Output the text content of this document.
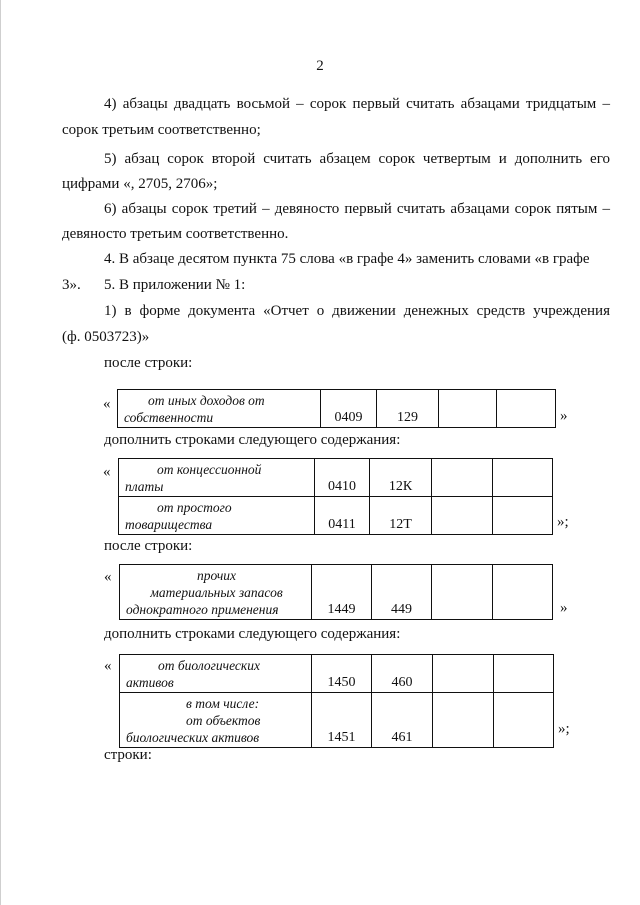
2

4) абзацы двадцать восьмой – сорок первый считать абзацами тридцатым –

сорок третьим соответственно;

5) абзац сорок второй считать абзацем сорок четвертым и дополнить его

цифрами «, 2705, 2706»;

6) абзацы сорок третий – девяносто первый считать абзацами сорок пятым –

девяносто третьим соответственно.

4. В абзаце десятом пункта 75 слова «в графе 4» заменить словами «в графе 3».	5. В приложении № 1:

1) в форме документа «Отчет о движении денежных средств учреждения

(ф. 0503723)»

после строки:
«	от иных доходов от
собственности	0409	129			»
дополнить строками следующего содержания:
«	от концессионной
платы	0410	12К		

от простого
товарищества	0411	12Т			»;
после строки:
«	прочих
материальных запасов
однократного применения	1449	449			»
дополнить строками следующего содержания:
«	от биологических
активов	1450	460		

в том числе:
от объектов
биологических активов	1451	461		
»;
строки:
